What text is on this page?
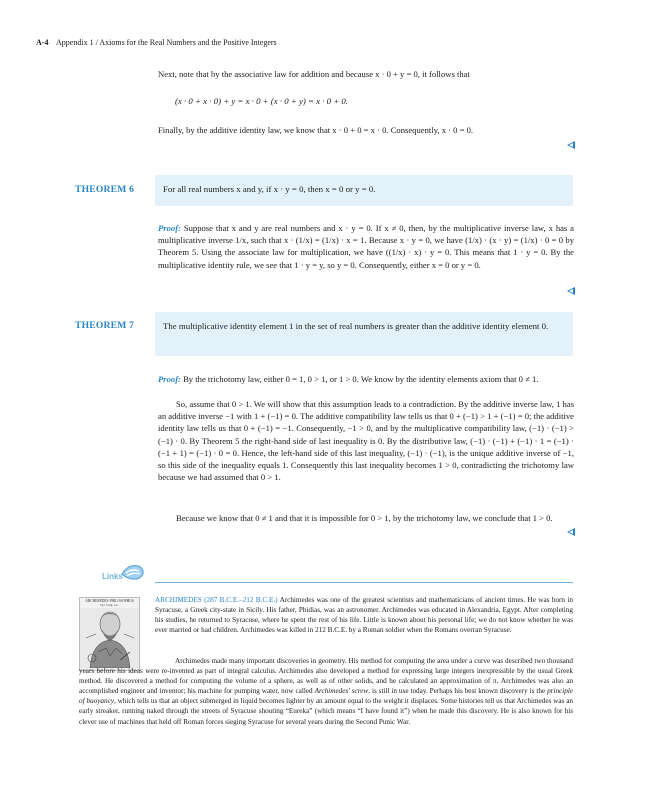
A-4 Appendix 1 / Axioms for the Real Numbers and the Positive Integers
Next, note that by the associative law for addition and because x · 0 + y = 0, it follows that
(x · 0 + x · 0) + y = x · 0 + (x · 0 + y) = x · 0 + 0.
Finally, by the additive identity law, we know that x · 0 + 0 = x · 0. Consequently, x · 0 = 0.
THEOREM 6	For all real numbers x and y, if x · y = 0, then x = 0 or y = 0.
Proof: Suppose that x and y are real numbers and x · y = 0. If x ≠ 0, then, by the multiplicative inverse law, x has a multiplicative inverse 1/x, such that x · (1/x) = (1/x) · x = 1. Because x · y = 0, we have (1/x) · (x · y) = (1/x) · 0 = 0 by Theorem 5. Using the associate law for multiplication, we have ((1/x) · x) · y = 0. This means that 1 · y = 0. By the multiplicative identity rule, we see that 1 · y = y, so y = 0. Consequently, either x = 0 or y = 0.
THEOREM 7	The multiplicative identity element 1 in the set of real numbers is greater than the additive identity element 0.
Proof: By the trichotomy law, either 0 = 1, 0 > 1, or 1 > 0. We know by the identity elements axiom that 0 ≠ 1.
So, assume that 0 > 1. We will show that this assumption leads to a contradiction. By the additive inverse law, 1 has an additive inverse −1 with 1 + (−1) = 0. The additive compatibility law tells us that 0 + (−1) > 1 + (−1) = 0; the additive identity law tells us that 0 + (−1) = −1. Consequently, −1 > 0, and by the multiplicative compatibility law, (−1) · (−1) > (−1) · 0. By Theorem 5 the right-hand side of last inequality is 0. By the distributive law, (−1) · (−1) + (−1) · 1 = (−1) · (−1 + 1) = (−1) · 0 = 0. Hence, the left-hand side of this last inequality, (−1) · (−1), is the unique additive inverse of −1, so this side of the inequality equals 1. Consequently this last inequality becomes 1 > 0, contradicting the trichotomy law because we had assumed that 0 > 1.
Because we know that 0 ≠ 1 and that it is impossible for 0 > 1, by the trichotomy law, we conclude that 1 > 0.
Links
ARCHIMEDES PHILOSOPHUS
Syr. Orig. etc.
ARCHIMEDES (287 B.C.E.–212 B.C.E.) Archimedes was one of the greatest scientists and mathematicians of ancient times. He was born in Syracuse, a Greek city-state in Sicily. His father, Phidias, was an astronomer. Archimedes was educated in Alexandria, Egypt. After completing his studies, he returned to Syracuse, where he spent the rest of his life. Little is known about his personal life; we do not know whether he was ever married or had children. Archimedes was killed in 212 B.C.E. by a Roman soldier when the Romans overran Syracuse.
Archimedes made many important discoveries in geometry. His method for computing the area under a curve was described two thousand years before his ideas were re-invented as part of integral calculus. Archimedes also developed a method for expressing large integers inexpressible by the usual Greek method. He discovered a method for computing the volume of a sphere, as well as of other solids, and he calculated an approximation of π. Archimedes was also an accomplished engineer and inventor; his machine for pumping water, now called Archimedes' screw, is still in use today. Perhaps his best known discovery is the principle of buoyancy, which tells us that an object submerged in liquid becomes lighter by an amount equal to the weight it displaces. Some histories tell us that Archimedes was an early streaker, running naked through the streets of Syracuse shouting “Eureka” (which means “I have found it”) when he made this discovery. He is also known for his clever use of machines that held off Roman forces sieging Syracuse for several years during the Second Punic War.
